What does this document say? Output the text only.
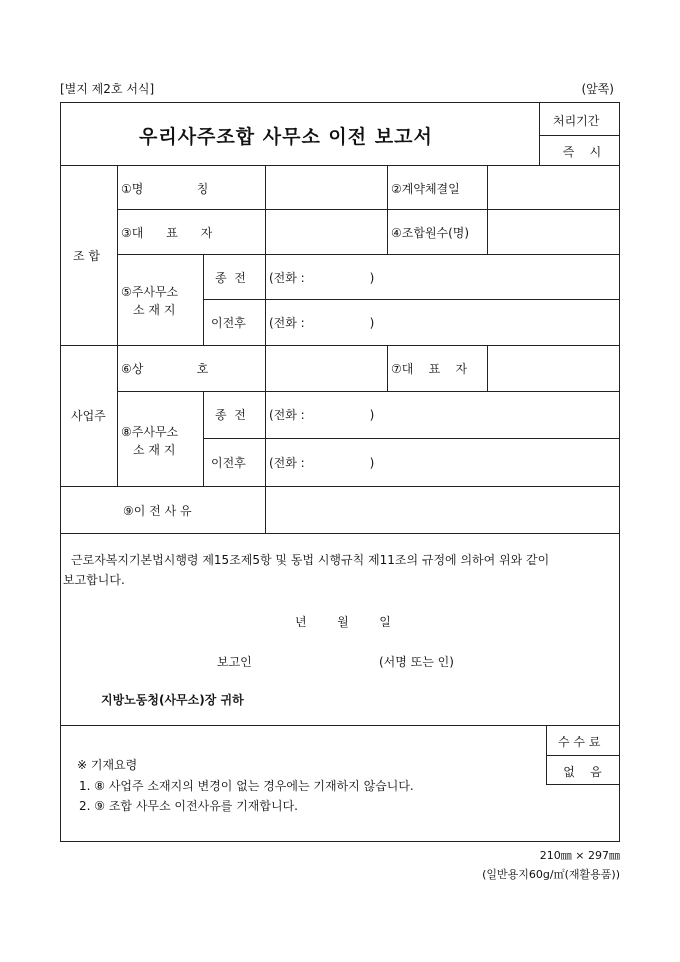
[별지 제2호 서식]	(앞쪽)
우리사주조합 사무소 이전 보고서
처리기간
즉    시
조 합
①명              칭	②계약체결일
③대      표      자	④조합원수(명)
⑤주사무소
소 재 지
종  전 (전화 :                 )
이전후 (전화 :                 )
사업주
⑥상              호	⑦대    표    자
⑧주사무소
소 재 지
종  전 (전화 :                 )
이전후 (전화 :                 )
⑨이 전 사 유
근로자복지기본법시행령 제15조제5항 및 동법 시행규칙 제11조의 규정에 의하여 위와 같이
보고합니다.
년        월        일
보고인	(서명 또는 인)
지방노동청(사무소)장 귀하
수 수 료
없    음
※ 기재요령
1. ⑧ 사업주 소재지의 변경이 없는 경우에는 기재하지 않습니다.
2. ⑨ 조합 사무소 이전사유를 기재합니다.
210㎜ × 297㎜
(일반용지60g/㎡(재활용품))
